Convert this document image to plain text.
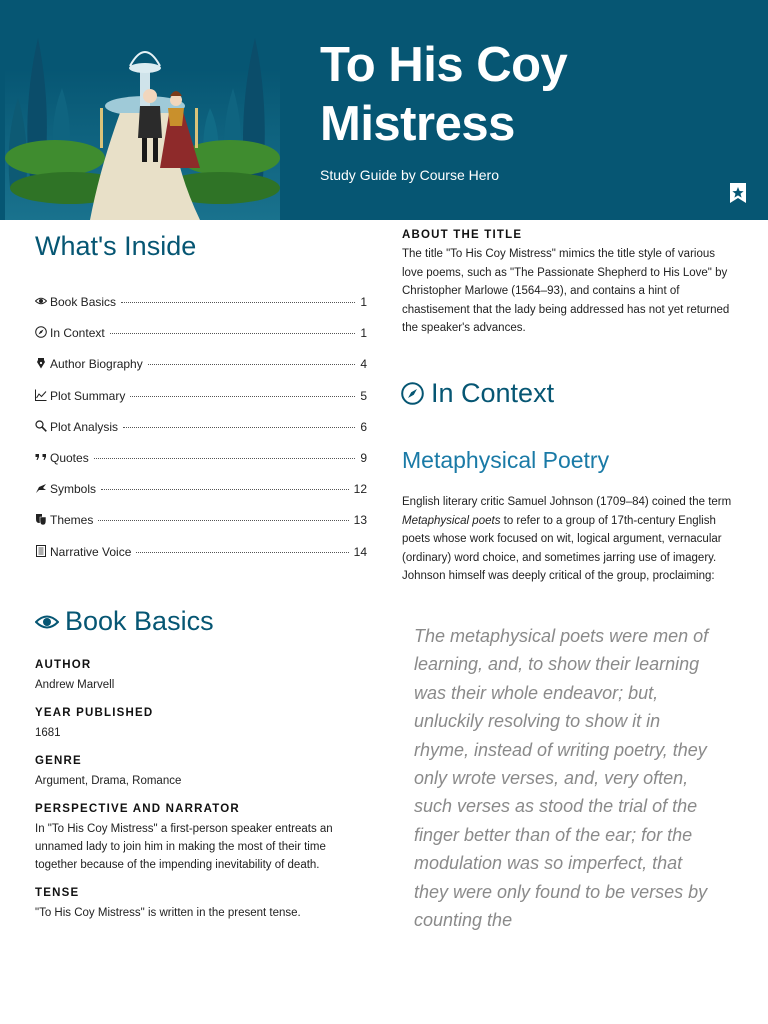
To His Coy Mistress
Study Guide by Course Hero
What's Inside
Book Basics	1
In Context	1
Author Biography	4
Plot Summary	5
Plot Analysis	6
Quotes	9
Symbols	12
Themes	13
Narrative Voice	14
Book Basics
AUTHOR
Andrew Marvell
YEAR PUBLISHED
1681
GENRE
Argument, Drama, Romance
PERSPECTIVE AND NARRATOR
In "To His Coy Mistress" a first-person speaker entreats an unnamed lady to join him in making the most of their time together because of the impending inevitability of death.
TENSE
"To His Coy Mistress" is written in the present tense.
ABOUT THE TITLE
The title "To His Coy Mistress" mimics the title style of various love poems, such as "The Passionate Shepherd to His Love" by Christopher Marlowe (1564–93), and contains a hint of chastisement that the lady being addressed has not yet returned the speaker's advances.
In Context
Metaphysical Poetry
English literary critic Samuel Johnson (1709–84) coined the term Metaphysical poets to refer to a group of 17th-century English poets whose work focused on wit, logical argument, vernacular (ordinary) word choice, and sometimes jarring use of imagery. Johnson himself was deeply critical of the group, proclaiming:
The metaphysical poets were men of learning, and, to show their learning was their whole endeavor; but, unluckily resolving to show it in rhyme, instead of writing poetry, they only wrote verses, and, very often, such verses as stood the trial of the finger better than of the ear; for the modulation was so imperfect, that they were only found to be verses by counting the
